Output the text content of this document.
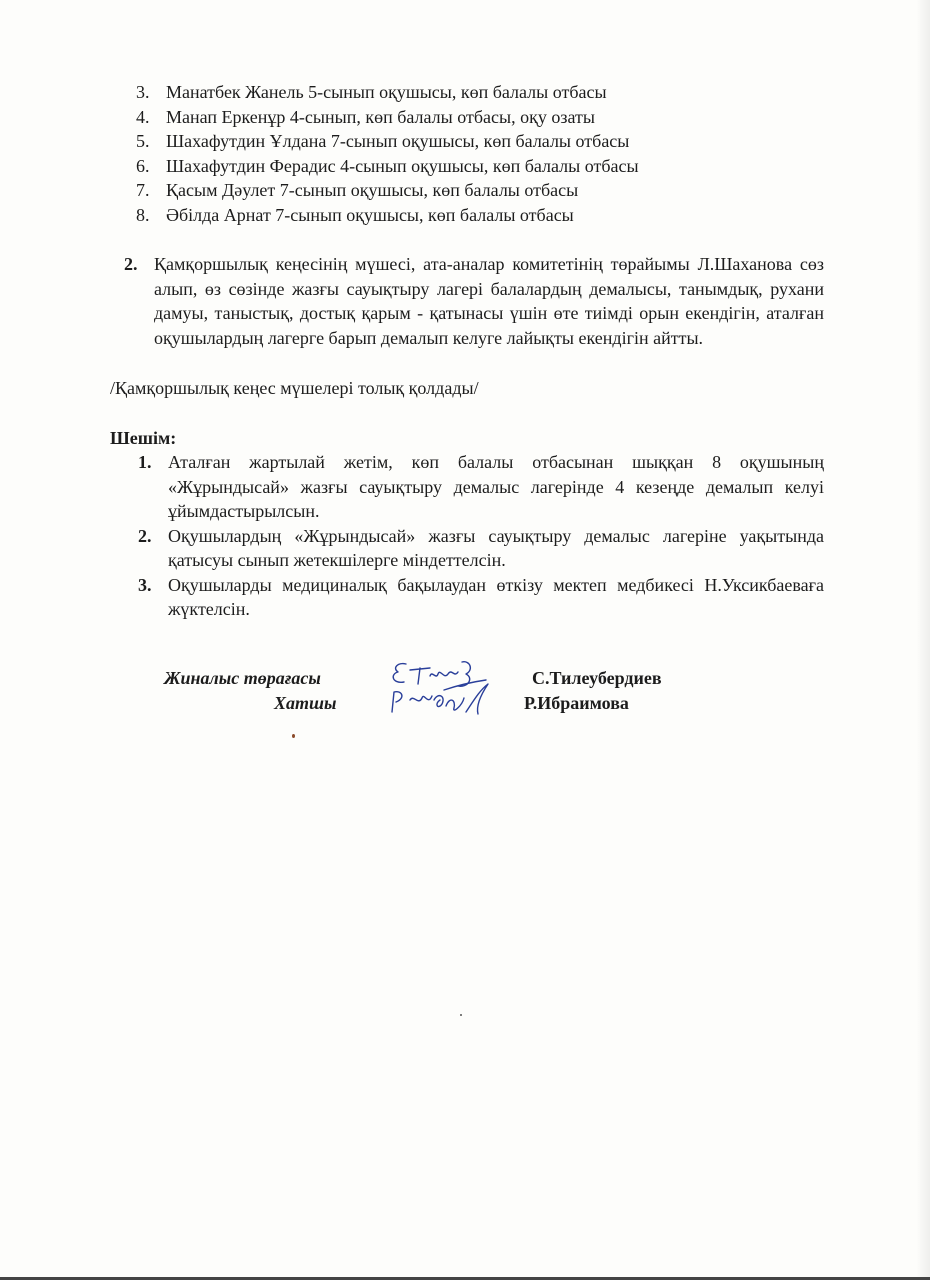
3. Манатбек Жанель 5-сынып оқушысы, көп балалы отбасы
4. Манап Еркенұр 4-сынып, көп балалы отбасы, оқу озаты
5. Шахафутдин Ұлдана 7-сынып оқушысы, көп балалы отбасы
6. Шахафутдин Ферадис 4-сынып оқушысы, көп балалы отбасы
7. Қасым Дәулет 7-сынып оқушысы, көп балалы отбасы
8. Әбілда Арнат 7-сынып оқушысы, көп балалы отбасы
2. Қамқоршылық кеңесінің мүшесі, ата-аналар комитетінің төрайымы Л.Шаханова сөз алып, өз сөзінде жазғы сауықтыру лагері балалардың демалысы, танымдық, рухани дамуы, таныстық, достық қарым - қатынасы үшін өте тиімді орын екендігін, аталған оқушылардың лагерге барып демалып келуге лайықты екендігін айтты.
/Қамқоршылық кеңес мүшелері толық қолдады/
Шешім:
1. Аталған жартылай жетім, көп балалы отбасынан шыққан 8 оқушының «Жұрындысай» жазғы сауықтыру демалыс лагерінде 4 кезеңде демалып келуі ұйымдастырылсын.
2. Оқушылардың «Жұрындысай» жазғы сауықтыру демалыс лагеріне уақытында қатысуы сынып жетекшілерге міндеттелсін.
3. Оқушыларды медициналық бақылаудан өткізу мектеп медбикесі Н.Уксикбаеваға жүктелсін.
Жиналыс төрағасы
Хатшы
С.Тилеубердиев
Р.Ибраимова
